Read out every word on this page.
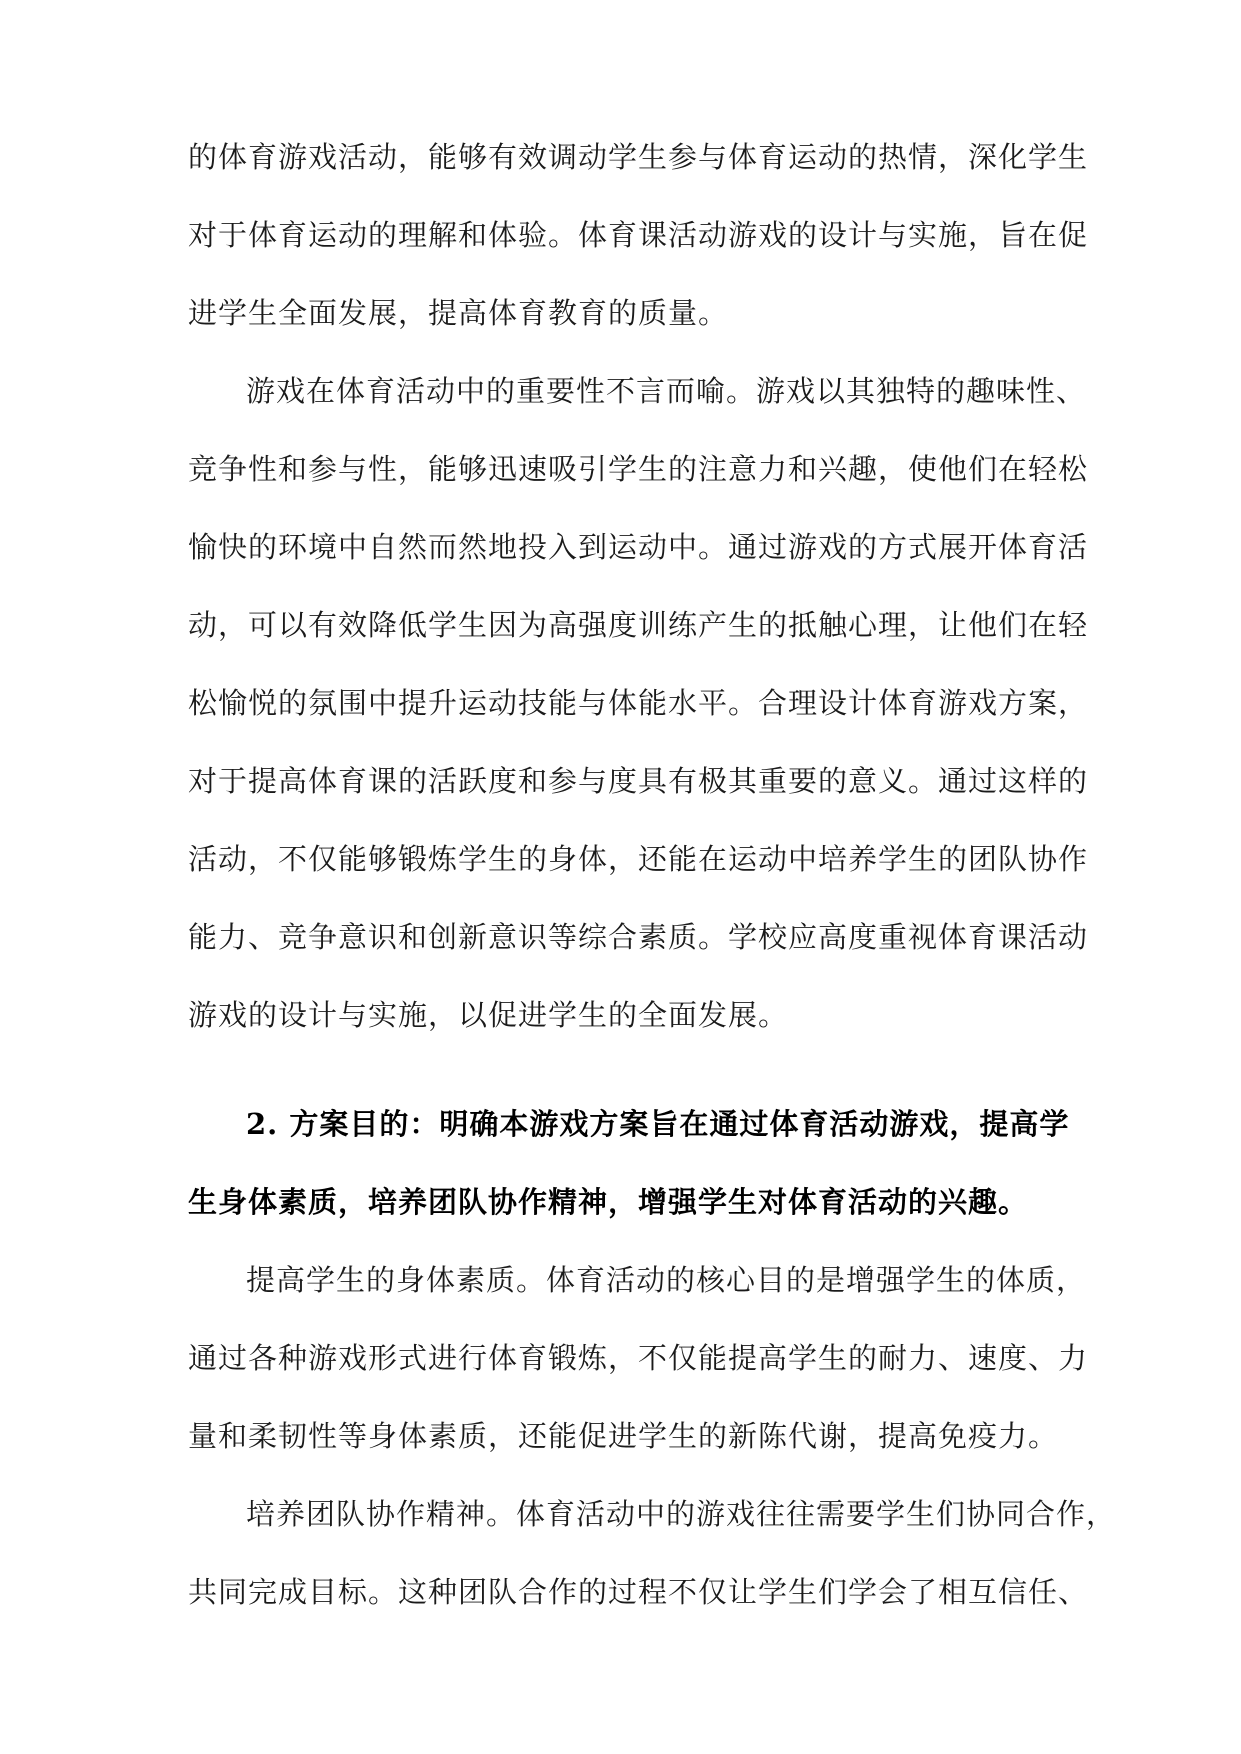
的体育游戏活动，能够有效调动学生参与体育运动的热情，深化学生
对于体育运动的理解和体验。体育课活动游戏的设计与实施，旨在促
进学生全面发展，提高体育教育的质量。
游戏在体育活动中的重要性不言而喻。游戏以其独特的趣味性、
竞争性和参与性，能够迅速吸引学生的注意力和兴趣，使他们在轻松
愉快的环境中自然而然地投入到运动中。通过游戏的方式展开体育活
动，可以有效降低学生因为高强度训练产生的抵触心理，让他们在轻
松愉悦的氛围中提升运动技能与体能水平。合理设计体育游戏方案，
对于提高体育课的活跃度和参与度具有极其重要的意义。通过这样的
活动，不仅能够锻炼学生的身体，还能在运动中培养学生的团队协作
能力、竞争意识和创新意识等综合素质。学校应高度重视体育课活动
游戏的设计与实施，以促进学生的全面发展。
2. 方案目的：明确本游戏方案旨在通过体育活动游戏，提高学
生身体素质，培养团队协作精神，增强学生对体育活动的兴趣。
提高学生的身体素质。体育活动的核心目的是增强学生的体质，
通过各种游戏形式进行体育锻炼，不仅能提高学生的耐力、速度、力
量和柔韧性等身体素质，还能促进学生的新陈代谢，提高免疫力。
培养团队协作精神。体育活动中的游戏往往需要学生们协同合作，
共同完成目标。这种团队合作的过程不仅让学生们学会了相互信任、
